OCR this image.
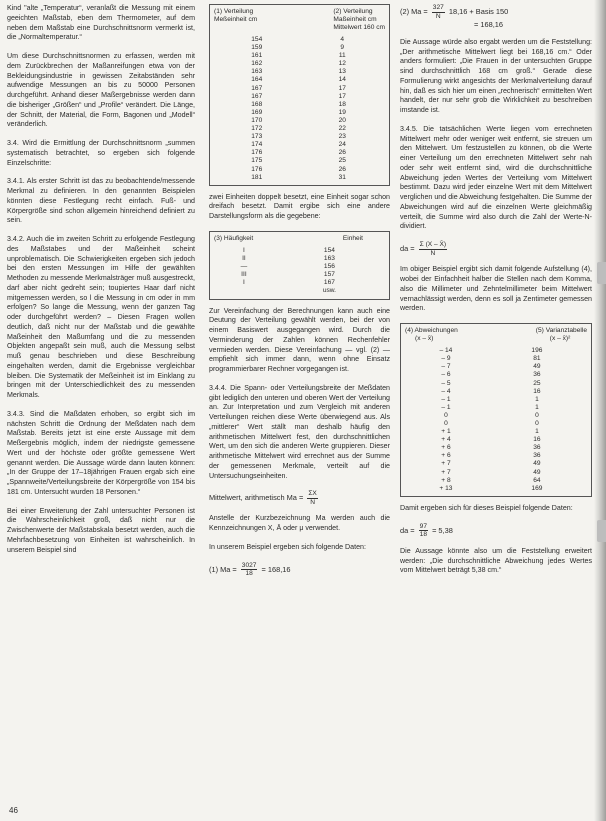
Kind "alte „Temperatur“, veranlaßt die Messung mit einem geeichten Maßstab, eben dem Thermometer, auf dem neben dem Maßstab eine Durchschnittsnorm vermerkt ist, die „Normaltemperatur.“

Um diese Durchschnittsnormen zu erfassen, werden mit dem Zurückbrechen der Maßanreifungen etwa von der Bekleidungsindustrie in gewissen Zeitabständen sehr aufwendige Messungen an bis zu 50000 Personen durchgeführt. Anhand dieser Maßergebnisse werden dann die bisheriger „Größen“ und „Profile“ verändert. Die Länge, der Schnitt, der Material, die Form, Bagonen und „Modell“ veränderlich.

3.4. Wird die Ermittlung der Durchschnittsnorm „summen systematisch betrachtet, so ergeben sich folgende Einzelschritte:

3.4.1. Als erster Schritt ist das zu beobachtende/messende Merkmal zu definieren. In den genannten Beispielen könnten diese Festlegung recht einfach. Fuß- und Körpergröße sind schon allgemein hinreichend definiert zu sein.

3.4.2. Auch die im zweiten Schritt zu erfolgende Festlegung des Maßstabes und der Maßeinheit scheint unproblematisch. Die Schwierigkeiten ergeben sich jedoch bei den ersten Messungen im Hilfe der gewählten Methoden zu messende Merkmalsträger muß ausgestreckt, darf aber nicht gedreht sein; toupiertes Haar darf nicht mitgemessen werden, so l die Messung in cm oder in mm erfolgen? So lange die Messung, wenn der ganzen Tag oder durchgeführt werden? – Diesen Fragen wollen deutlich, daß nicht nur der Maßstab und die gewählte Maßeinheit den Maßumfang und die zu messenden Objekten angepaßt sein muß, auch die Messung selbst muß genau beschrieben und diese Beschreibung eingehalten werden, damit die Ergebnisse vergleichbar bleiben. Die Systematik der Meßeinheit ist im Einklang zu bringen mit der Unterschiedlichkeit des zu messenden Merkmals.

3.4.3. Sind die Maßdaten erhoben, so ergibt sich im nächsten Schritt die Ordnung der Meßdaten nach dem Maßstab. Bereits jetzt ist eine erste Aussage mit dem Meßergebnis möglich, indem der niedrigste gemessene Wert und der höchste oder größte gemessene Wert genannt werden. Die Aussage würde dann lauten können: „In der Gruppe der 17–18jährigen Frauen ergab sich eine „Spannweite/Verteilungsbreite der Körpergröße von 154 bis 181 cm. Untersucht wurden 18 Personen.“

Bei einer Erweiterung der Zahl untersuchter Personen ist die Wahrscheinlichkeit groß, daß nicht nur die Zwischenwerte der Maßstabskala besetzt werden, auch die Mehrfachbesetzung von Einheiten ist wahrscheinlich. In unserem Beispiel sind

(1) Verteilung
Meßeinheit cm
(2) Verteilung
Maßeinheit cm
Mittelwert 160 cm
154	4
159	9
161	11
162	12
163	13
164	14
167	17
167	17
168	18
169	19
170	20
172	22
173	23
174	24
176	26
175	25
176	26
181	31

zwei Einheiten doppelt besetzt, eine Einheit sogar schon dreifach besetzt. Damit ergibe sich eine andere Darstellungsform als die gegebene:

(3) Häufigkeit	Einheit
I	154
II	163
—	156
III	157
I	167
usw.

Zur Vereinfachung der Berechnungen kann auch eine Deutung der Verteilung gewählt werden, bei der von einem Basiswert ausgegangen wird. Durch die Verminderung der Zahlen können Rechenfehler vermieden werden. Diese Vereinfachung — vgl. (2) — empfiehlt sich immer dann, wenn ohne Einsatz programmierbarer Rechner vorgegangen ist.

3.4.4. Die Spann- oder Verteilungsbreite der Meßdaten gibt lediglich den unteren und oberen Wert der Verteilung an. Zur Interpretation und zum Vergleich mit anderen Verteilungen reichen diese Werte überwiegend aus. Als „mittlerer“ Wert ställt man deshalb häufig den arithmetischen Mittelwert fest, den durchschnittlichen Wert, um den sich die anderen Werte gruppieren. Dieser arithmetische Mittelwert wird errechnet aus der Summe der gemessenen Merkmale, verteilt auf die Untersuchungseinheiten.

Mittelwert, arithmetisch $Ma = \frac{\Sigma X}{N}$

Anstelle der Kurzbezeichnung Ma werden auch die Kennzeichnungen X, Ā oder μ verwendet.

In unserem Beispiel ergeben sich folgende Daten:

(1) $Ma = \frac{3027}{18} = 168,16$
(2) $Ma = \frac{327}{N} 18,16$ + Basis 150
= 168,16

Die Aussage würde also ergabt werden um die Feststellung: „Der arithmetische Mittelwert liegt bei 168,16 cm.“ Oder anders formuliert: „Die Frauen in der untersuchten Gruppe sind durchschnittlich 168 cm groß.“ Gerade diese Formulierung wirkt angesichts der Merkmalverteilung darauf hin, daß es sich hier um einen „rechnerisch“ ermittelten Wert handelt, der nur sehr grob die Wirklichkeit zu beschreiben imstande ist.

3.4.5. Die tatsächlichen Werte liegen vom errechneten Mittelwert mehr oder weniger weit entfernt, sie streuen um den Mittelwert. Um festzustellen zu können, ob die Werte einer Verteilung um den errechneten Mittelwert sehr nah oder sehr weit entfernt sind, wird die durchschnittliche Abweichung jeden Wertes der Verteilung vom Mittelwert bestimmt. Dazu wird jeder einzelne Wert mit dem Mittelwert verglichen und die Abweichung festgehalten. Die Summe der Abweichungen wird auf die einzelnen Werte gleichmäßig verteilt, die Summe wird also durch die Zahl der Werte-N-dividiert.

da = $\frac{\Sigma (X - X̄)}{N}$

Im obiger Beispiel ergibt sich damit folgende Aufstellung (4), wobei der Einfachheit halber die Stellen nach dem Komma, also die Millimeter und Zehntelmillimeter beim Mittelwert vernachlässigt werden, denn es soll ja Zentimeter gemessen werden.

(4) Abweichungen
(x – x̄)
(5) Varianztabelle
(x – x̄)²
– 14	196
– 9	81
– 7	49
– 6	36
– 5	25
– 4	16
– 1	1
– 1	1
0	0
0	0
+ 1	1
+ 4	16
+ 6	36
+ 6	36
+ 7	49
+ 7	49
+ 8	64
+ 13	169

Damit ergeben sich für dieses Beispiel folgende Daten:

da = $\frac{97}{18} = 5,38$

Die Aussage könnte also um die Feststellung erweitert werden: „Die durchschnittliche Abweichung jedes Wertes vom Mittelwert beträgt 5,38 cm.“

46
